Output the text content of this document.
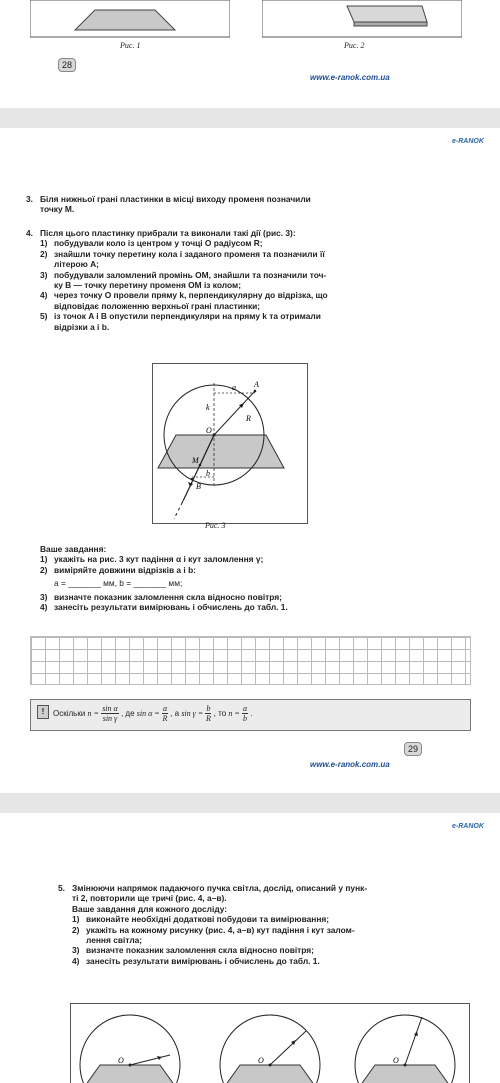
Рис. 1	Рис. 2
28
www.e-ranok.com.ua
e-RANOK
3. Біля нижньої грані пластинки в місці виходу променя позначили
точку M.
4. Після цього пластинку прибрали та виконали такі дії (рис. 3):
1) побудували коло із центром у точці O радіусом R;
2) знайшли точку перетину кола і заданого променя та позначили її
літерою A;
3) побудували заломлений промінь OM, знайшли та позначили точ-
ку B — точку перетину променя OM із колом;
4) через точку O провели пряму k, перпендикулярну до відрізка, що
відповідає положенню верхньої грані пластинки;
5) із точок A і B опустили перпендикуляри на пряму k та отримали
відрізки a і b.
A
a
k
R
O
M
b
B
Рис. 3
Ваше завдання:
1) укажіть на рис. 3 кут падіння α і кут заломлення γ;
2) виміряйте довжини відрізків a і b:
a = _______ мм, b = _______ мм;
3) визначте показник заломлення скла відносно повітря;
4) занесіть результати вимірювань і обчислень до табл. 1.
!	Оскільки $n = \frac{\text{sin α}}{\text{sin γ}}$ , де $\sin \alpha = \frac{a}{R}$ , а $\sin \gamma = \frac{b}{R}$ , то $n = \frac{a}{b}$ .
29
www.e-ranok.com.ua
e-RANOK
5. Змінюючи напрямок падаючого пучка світла, дослід, описаний у пунк-
ті 2, повторили ще тричі (рис. 4, а–в).
Ваше завдання для кожного досліду:
1) виконайте необхідні додаткові побудови та вимірювання;
2) укажіть на кожному рисунку (рис. 4, а–в) кут падіння і кут залом-
лення світла;
3) визначте показник заломлення скла відносно повітря;
4) занесіть результати вимірювань і обчислень до табл. 1.
O	O	O
